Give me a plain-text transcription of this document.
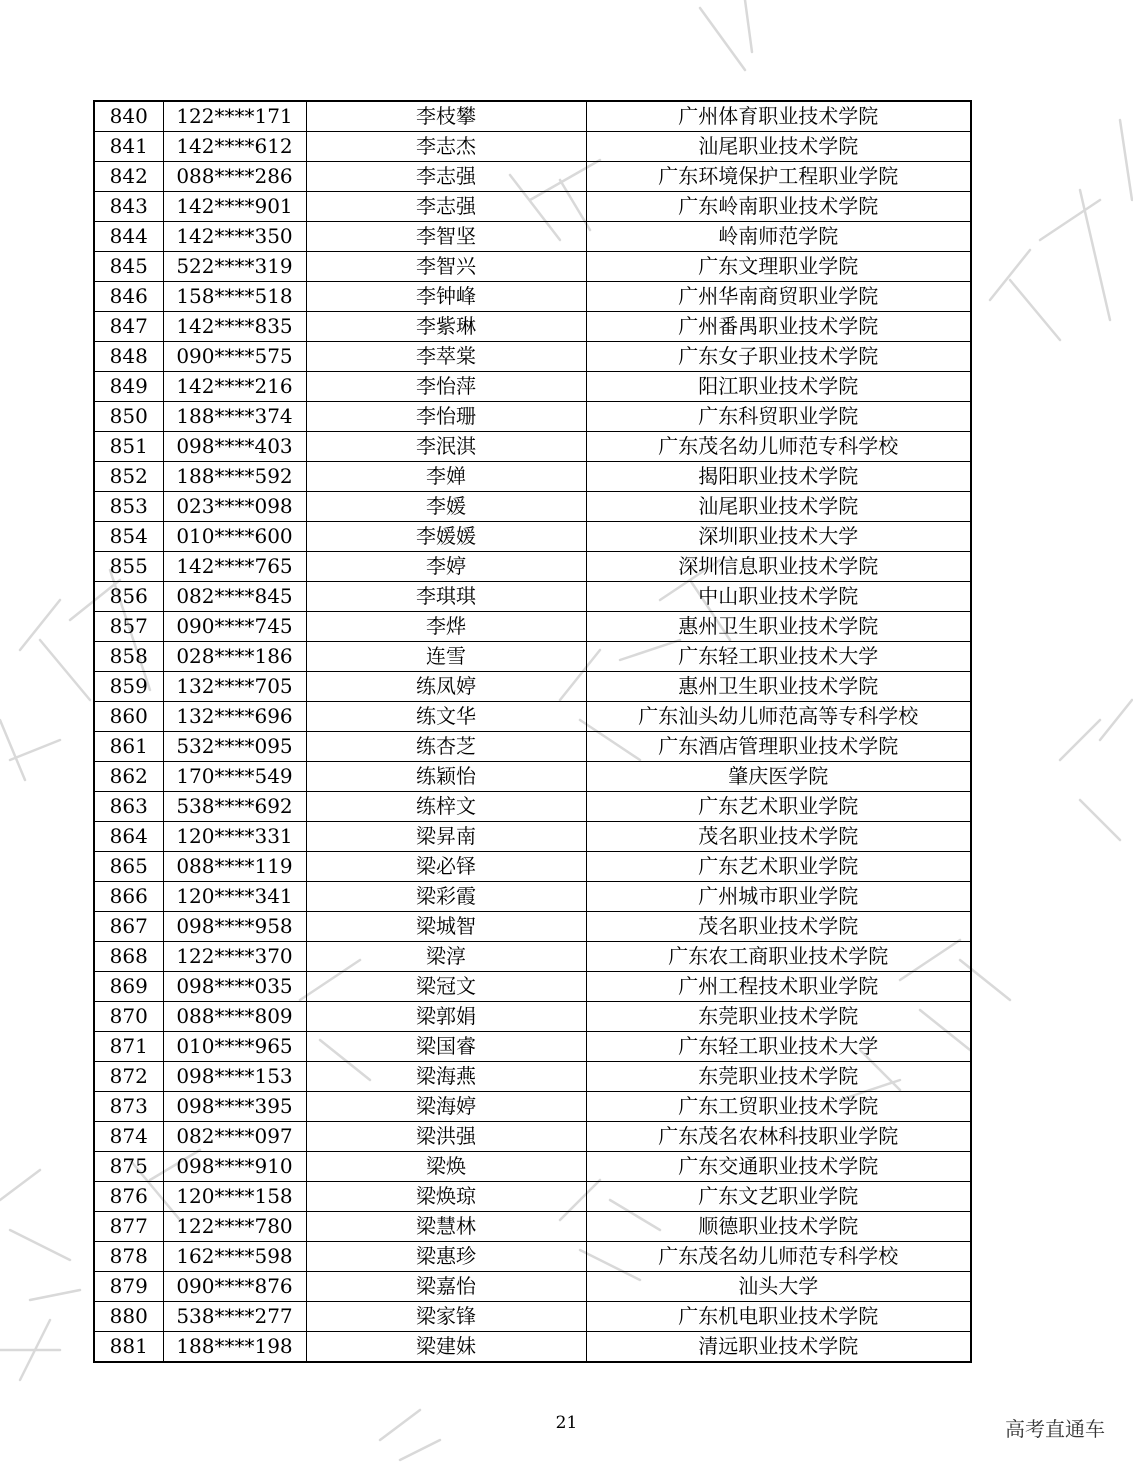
840	122****171	李枝攀	广州体育职业技术学院
841	142****612	李志杰	汕尾职业技术学院
842	088****286	李志强	广东环境保护工程职业学院
843	142****901	李志强	广东岭南职业技术学院
844	142****350	李智坚	岭南师范学院
845	522****319	李智兴	广东文理职业学院
846	158****518	李钟峰	广州华南商贸职业学院
847	142****835	李紫琳	广州番禺职业技术学院
848	090****575	李萃棠	广东女子职业技术学院
849	142****216	李怡萍	阳江职业技术学院
850	188****374	李怡珊	广东科贸职业学院
851	098****403	李泯淇	广东茂名幼儿师范专科学校
852	188****592	李婵	揭阳职业技术学院
853	023****098	李媛	汕尾职业技术学院
854	010****600	李媛媛	深圳职业技术大学
855	142****765	李婷	深圳信息职业技术学院
856	082****845	李琪琪	中山职业技术学院
857	090****745	李烨	惠州卫生职业技术学院
858	028****186	连雪	广东轻工职业技术大学
859	132****705	练凤婷	惠州卫生职业技术学院
860	132****696	练文华	广东汕头幼儿师范高等专科学校
861	532****095	练杏芝	广东酒店管理职业技术学院
862	170****549	练颖怡	肇庆医学院
863	538****692	练梓文	广东艺术职业学院
864	120****331	梁昇南	茂名职业技术学院
865	088****119	梁必铎	广东艺术职业学院
866	120****341	梁彩霞	广州城市职业学院
867	098****958	梁城智	茂名职业技术学院
868	122****370	梁淳	广东农工商职业技术学院
869	098****035	梁冠文	广州工程技术职业学院
870	088****809	梁郭娟	东莞职业技术学院
871	010****965	梁国睿	广东轻工职业技术大学
872	098****153	梁海燕	东莞职业技术学院
873	098****395	梁海婷	广东工贸职业技术学院
874	082****097	梁洪强	广东茂名农林科技职业学院
875	098****910	梁焕	广东交通职业技术学院
876	120****158	梁焕琼	广东文艺职业学院
877	122****780	梁慧林	顺德职业技术学院
878	162****598	梁惠珍	广东茂名幼儿师范专科学校
879	090****876	梁嘉怡	汕头大学
880	538****277	梁家锋	广东机电职业技术学院
881	188****198	梁建妹	清远职业技术学院
21	高考直通车
